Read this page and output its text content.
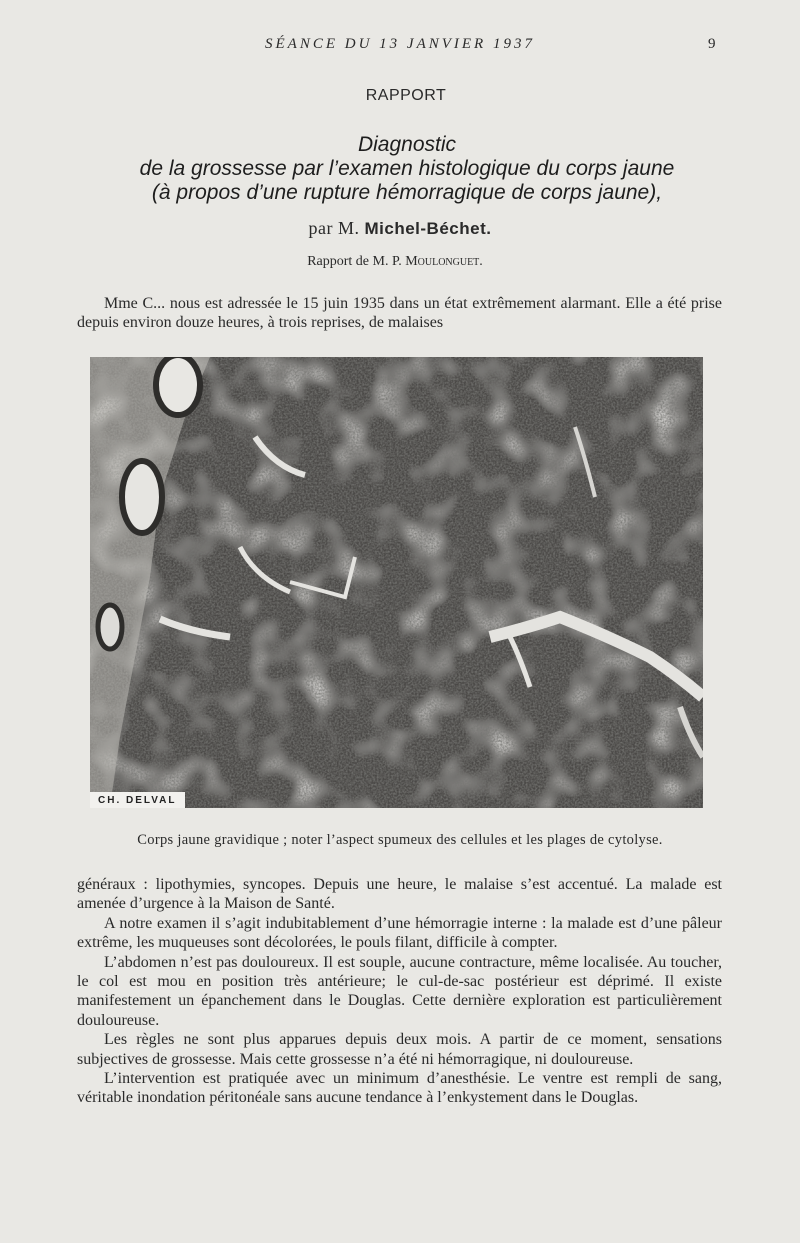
SÉANCE DU 13 JANVIER 1937	9
RAPPORT
Diagnostic
de la grossesse par l’examen histologique du corps jaune
(à propos d’une rupture hémorragique de corps jaune),
par M. Michel-Béchet.
Rapport de M. P. Moulonguet.
Mme C... nous est adressée le 15 juin 1935 dans un état extrêmement alarmant. Elle a été prise depuis environ douze heures, à trois reprises, de malaises
CH. DELVAL
Corps jaune gravidique ; noter l’aspect spumeux des cellules et les plages de cytolyse.

généraux : lipothymies, syncopes. Depuis une heure, le malaise s’est accentué. La malade est amenée d’urgence à la Maison de Santé.

A notre examen il s’agit indubitablement d’une hémorragie interne : la malade est d’une pâleur extrême, les muqueuses sont décolorées, le pouls filant, difficile à compter.

L’abdomen n’est pas douloureux. Il est souple, aucune contracture, même localisée. Au toucher, le col est mou en position très antérieure; le cul-de-sac postérieur est déprimé. Il existe manifestement un épanchement dans le Douglas. Cette dernière exploration est particulièrement douloureuse.

Les règles ne sont plus apparues depuis deux mois. A partir de ce moment, sensations subjectives de grossesse. Mais cette grossesse n’a été ni hémorragique, ni douloureuse.

L’intervention est pratiquée avec un minimum d’anesthésie. Le ventre est rempli de sang, véritable inondation péritonéale sans aucune tendance à l’enkystement dans le Douglas.
